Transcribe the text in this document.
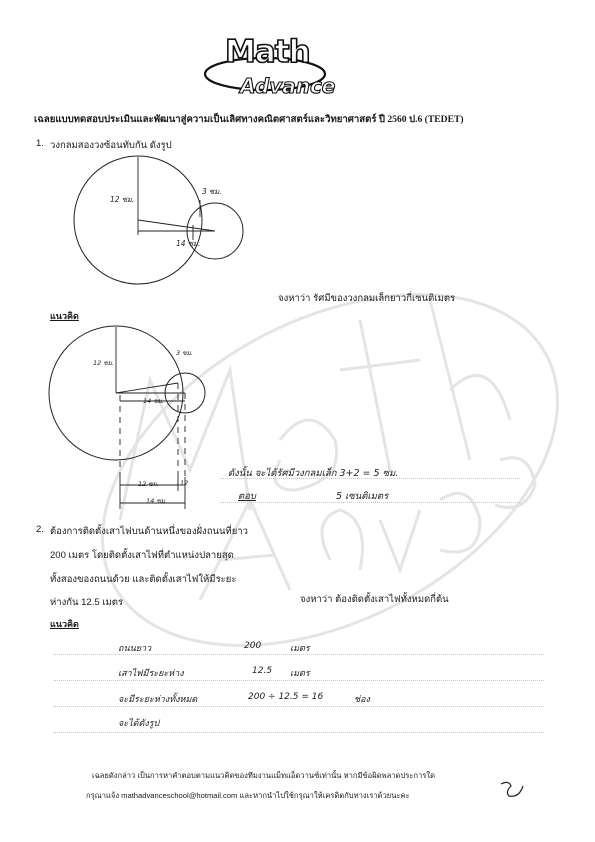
Math
Advance
เฉลยแบบทดสอบประเมินและพัฒนาสู่ความเป็นเลิศทางคณิตศาสตร์และวิทยาศาสตร์ ปี 2560 ป.6 (TEDET)
1. วงกลมสองวงซ้อนทับกัน ดังรูป
12 ซม.
3 ซม.
14 ซม.
จงหาว่า รัศมีของวงกลมเล็กยาวกี่เซนติเมตร
แนวคิด
12 ซม.
3 ซม.
14 ซม.
12 ซม.	12
14 ซม.
ดังนั้น จะได้รัศมีวงกลมเล็ก 3+2 = 5 ซม.
ตอบ	5 เซนติเมตร
2. ต้องการติดตั้งเสาไฟบนด้านหนึ่งของฝั่งถนนที่ยาว
200 เมตร โดยติดตั้งเสาไฟที่ตำแหน่งปลายสุด
ทั้งสองของถนนด้วย และติดตั้งเสาไฟให้มีระยะ
ห่างกัน 12.5 เมตร	จงหาว่า ต้องติดตั้งเสาไฟทั้งหมดกี่ต้น
แนวคิด
ถนนยาว	200	เมตร
เสาไฟมีระยะห่าง	12.5 เมตร
จะมีระยะห่างทั้งหมด	200 ÷ 12.5 = 16	ช่อง
จะได้ดังรูป
เฉลยดังกล่าว เป็นการหาคำตอบตามแนวคิดของทีมงานแม็ทแอ็ดวานซ์เท่านั้น หากมีข้อผิดพลาดประการใด
กรุณาแจ้ง mathadvanceschool@hotmail.com และหากนำไปใช้กรุณาให้เครดิตกับทางเราด้วยนะคะ
